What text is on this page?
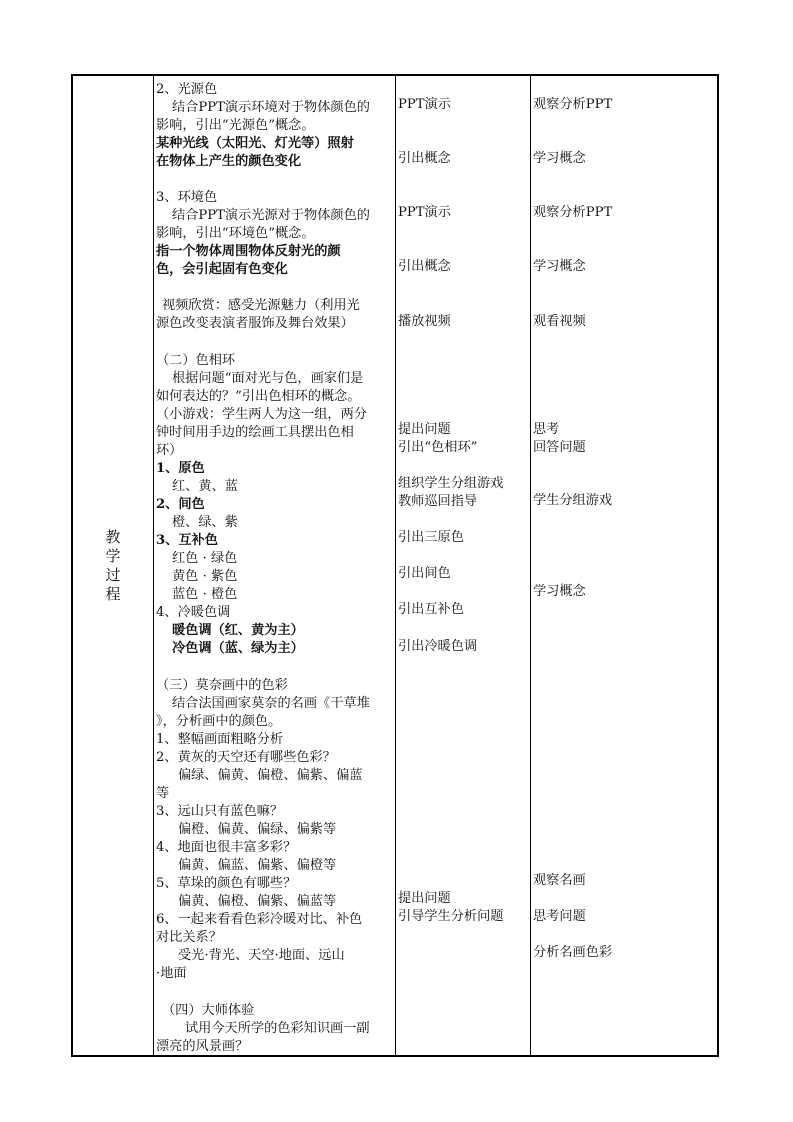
教
学
过
程
2、光源色
结合PPT演示环境对于物体颜色的
影响，引出“光源色”概念。
某种光线（太阳光、灯光等）照射
在物体上产生的颜色变化
3、环境色
结合PPT演示光源对于物体颜色的
影响，引出“环境色”概念。
指一个物体周围物体反射光的颜
色，会引起固有色变化
视频欣赏：感受光源魅力（利用光
源色改变表演者服饰及舞台效果）
（二）色相环
根据问题“面对光与色，画家们是
如何表达的？”引出色相环的概念。
（小游戏：学生两人为这一组，两分
钟时间用手边的绘画工具摆出色相
环）
1、原色
红、黄、蓝
2、间色
橙、绿、紫
3、互补色
红色 · 绿色
黄色 · 紫色
蓝色 · 橙色
4、冷暖色调
暖色调（红、黄为主）
冷色调（蓝、绿为主）
（三）莫奈画中的色彩
结合法国画家莫奈的名画《干草堆
》，分析画中的颜色。
1、整幅画面粗略分析
2、黄灰的天空还有哪些色彩？
偏绿、偏黄、偏橙、偏紫、偏蓝
等
3、远山只有蓝色嘛？
偏橙、偏黄、偏绿、偏紫等
4、地面也很丰富多彩？
偏黄、偏蓝、偏紫、偏橙等
5、草垛的颜色有哪些？
偏黄、偏橙、偏紫、偏蓝等
6、一起来看看色彩冷暖对比、补色
对比关系？
受光·背光、天空·地面、远山
·地面
（四）大师体验
试用今天所学的色彩知识画一副
漂亮的风景画？
PPT演示
引出概念
PPT演示
引出概念
播放视频
提出问题
引出“色相环”
组织学生分组游戏
教师巡回指导
引出三原色
引出间色
引出互补色
引出冷暖色调
提出问题
引导学生分析问题
观察分析PPT
学习概念
观察分析PPT
学习概念
观看视频
思考
回答问题
学生分组游戏
学习概念
观察名画
思考问题
分析名画色彩
